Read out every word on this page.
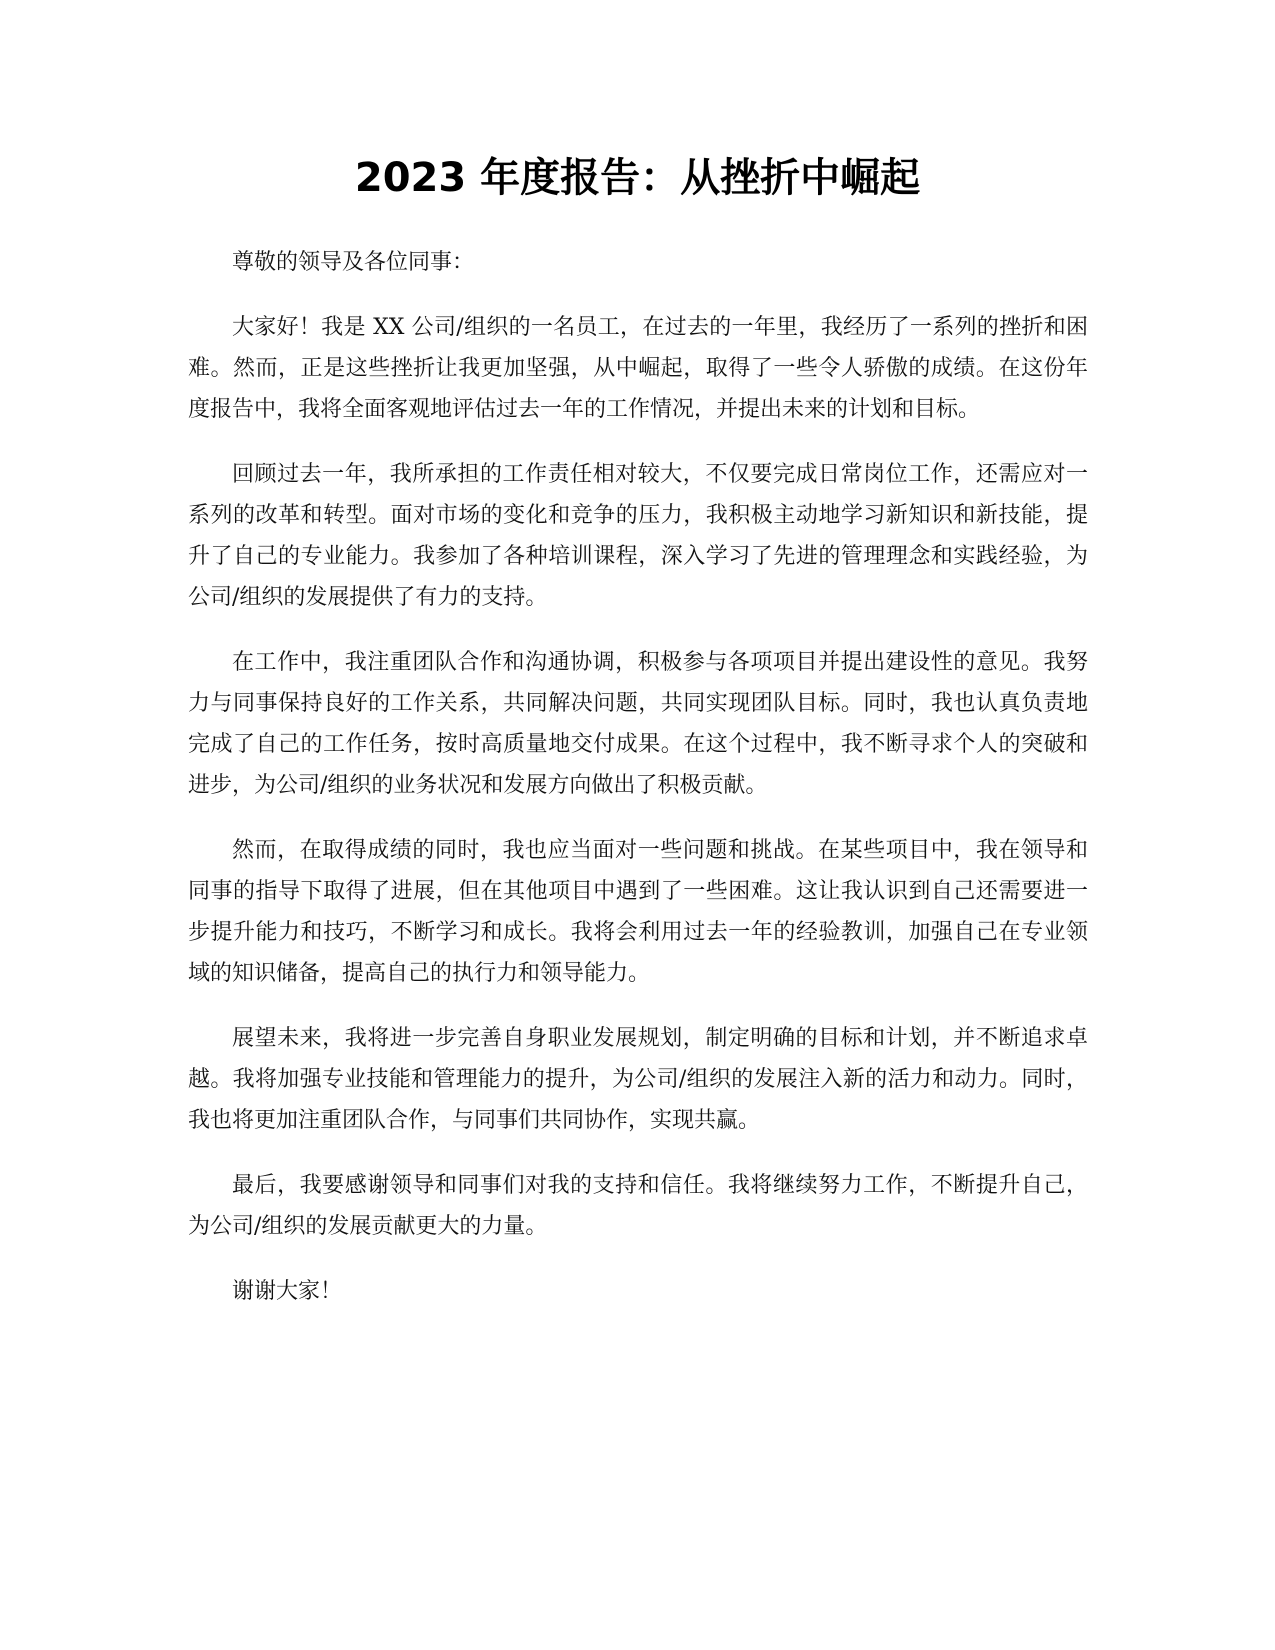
2023 年度报告：从挫折中崛起

尊敬的领导及各位同事：

大家好！我是 XX 公司/组织的一名员工，在过去的一年里，我经历了一系列的挫折和困难。然而，正是这些挫折让我更加坚强，从中崛起，取得了一些令人骄傲的成绩。在这份年度报告中，我将全面客观地评估过去一年的工作情况，并提出未来的计划和目标。

回顾过去一年，我所承担的工作责任相对较大，不仅要完成日常岗位工作，还需应对一系列的改革和转型。面对市场的变化和竞争的压力，我积极主动地学习新知识和新技能，提升了自己的专业能力。我参加了各种培训课程，深入学习了先进的管理理念和实践经验，为公司/组织的发展提供了有力的支持。

在工作中，我注重团队合作和沟通协调，积极参与各项项目并提出建设性的意见。我努力与同事保持良好的工作关系，共同解决问题，共同实现团队目标。同时，我也认真负责地完成了自己的工作任务，按时高质量地交付成果。在这个过程中，我不断寻求个人的突破和进步，为公司/组织的业务状况和发展方向做出了积极贡献。

然而，在取得成绩的同时，我也应当面对一些问题和挑战。在某些项目中，我在领导和同事的指导下取得了进展，但在其他项目中遇到了一些困难。这让我认识到自己还需要进一步提升能力和技巧，不断学习和成长。我将会利用过去一年的经验教训，加强自己在专业领域的知识储备，提高自己的执行力和领导能力。

展望未来，我将进一步完善自身职业发展规划，制定明确的目标和计划，并不断追求卓越。我将加强专业技能和管理能力的提升，为公司/组织的发展注入新的活力和动力。同时，我也将更加注重团队合作，与同事们共同协作，实现共赢。

最后，我要感谢领导和同事们对我的支持和信任。我将继续努力工作，不断提升自己，为公司/组织的发展贡献更大的力量。

谢谢大家！
